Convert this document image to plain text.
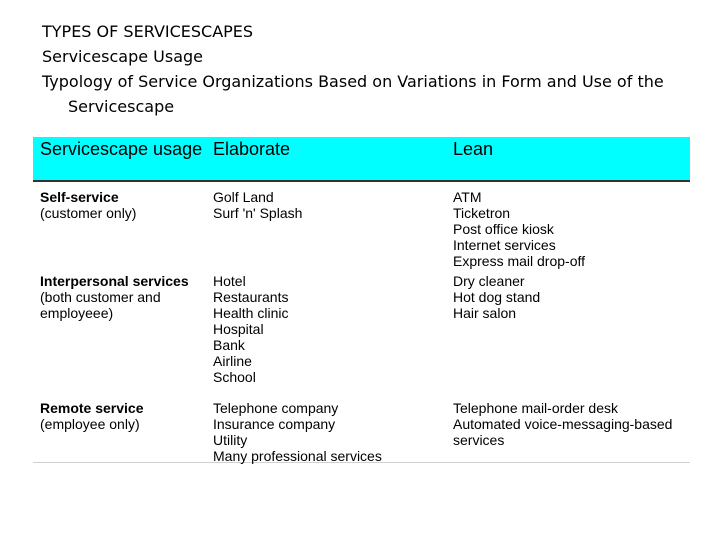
TYPES OF SERVICESCAPES
Servicescape Usage
Typology of Service Organizations Based on Variations in Form and Use of the
Servicescape
Servicescape usage Elaborate	Lean
Self-service
(customer only)
Golf Land
Surf 'n' Splash
ATM
Ticketron
Post office kiosk
Internet services
Express mail drop-off
Interpersonal services
(both customer and employeee)
Hotel
Restaurants
Health clinic
Hospital
Bank
Airline
School
Dry cleaner
Hot dog stand
Hair salon
Remote service
(employee only)
Telephone company
Insurance company
Utility
Many professional services
Telephone mail-order desk
Automated voice-messaging-based services
